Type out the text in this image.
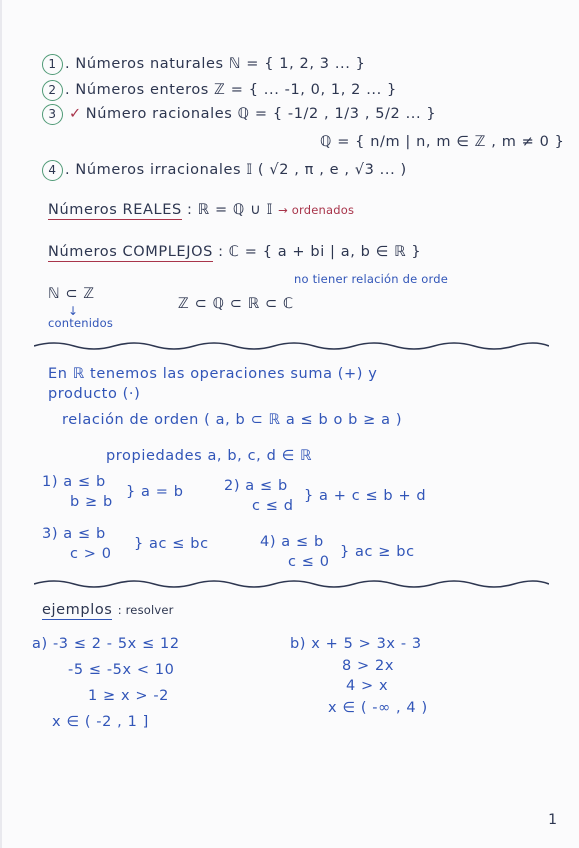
1 . Números naturales ℕ = { 1, 2, 3 ... }
2 . Números enteros ℤ = { ... -1, 0, 1, 2 ... }
3 ✓ Número racionales ℚ = { -1/2 , 1/3 , 5/2 ... }
ℚ = { n/m | n, m ∈ ℤ , m ≠ 0 }
4 . Números irracionales 𝕀 ( √2 , π , e , √3 ... )
Números REALES : ℝ = ℚ ∪ 𝕀 → ordenados
Números COMPLEJOS : ℂ = { a + bi | a, b ∈ ℝ }
no tiener relación de orde
ℕ ⊂ ℤ
ℤ ⊂ ℚ ⊂ ℝ ⊂ ℂ
↓
contenidos
En ℝ tenemos las operaciones suma (+) y
producto (·)
relación de orden ( a, b ⊂ ℝ a ≤ b o b ≥ a )
propiedades a, b, c, d ∈ ℝ
1) a ≤ b
b ≥ b
} a = b	2) a ≤ b
c ≤ d
} a + c ≤ b + d
3) a ≤ b
c > 0
} ac ≤ bc	4) a ≤ b
c ≤ 0
} ac ≥ bc
ejemplos : resolver
a) -3 ≤ 2 - 5x ≤ 12
-5 ≤ -5x < 10
1 ≥ x > -2
x ∈ ( -2 , 1 ]
b) x + 5 > 3x - 3
8 > 2x
4 > x
x ∈ ( -∞ , 4 )
1
